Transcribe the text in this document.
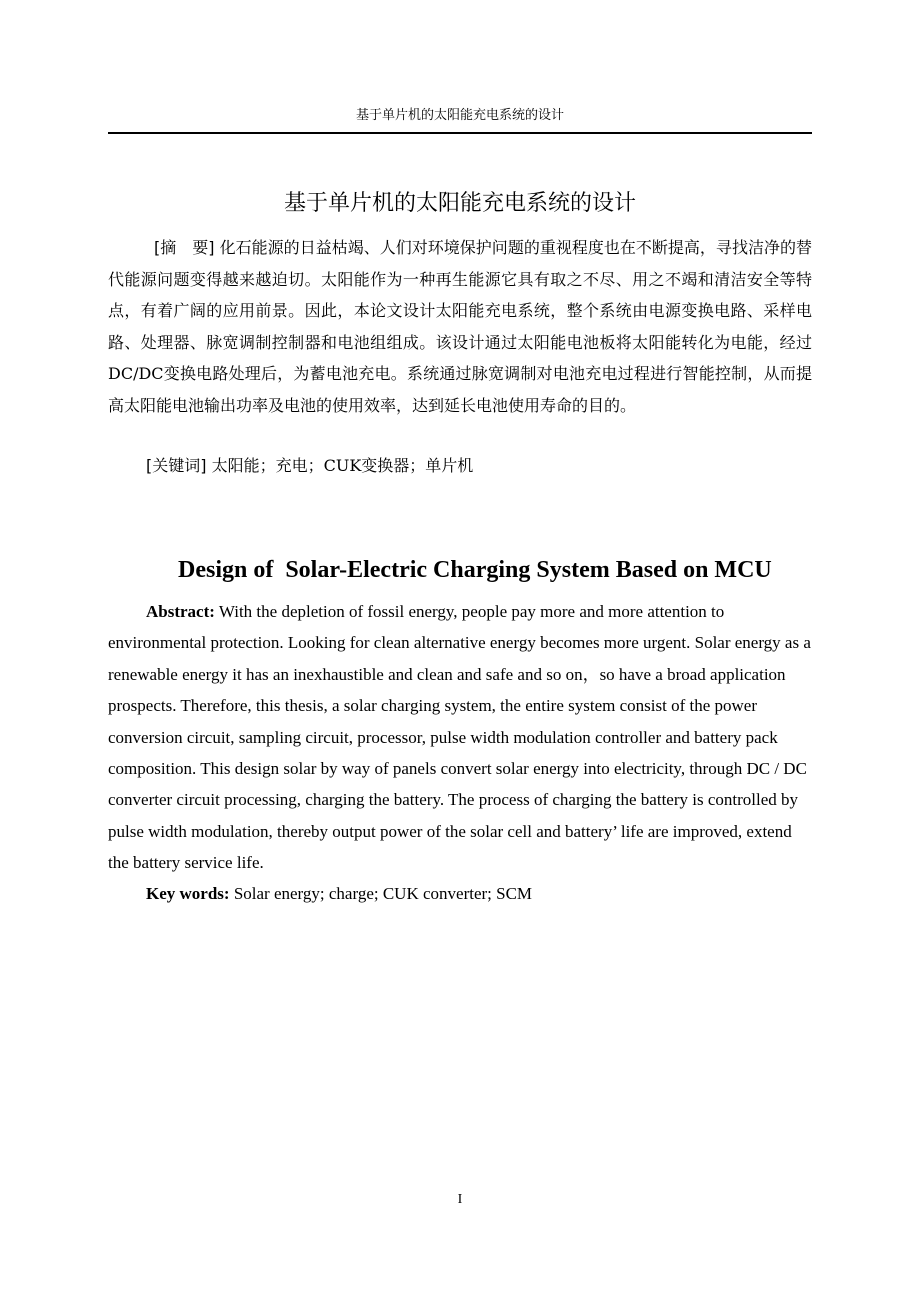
基于单片机的太阳能充电系统的设计
基于单片机的太阳能充电系统的设计

[摘　要] 化石能源的日益枯竭、人们对环境保护问题的重视程度也在不断提高，寻找洁净的替代能源问题变得越来越迫切。太阳能作为一种再生能源它具有取之不尽、用之不竭和清洁安全等特点，有着广阔的应用前景。因此，本论文设计太阳能充电系统，整个系统由电源变换电路、采样电路、处理器、脉宽调制控制器和电池组组成。该设计通过太阳能电池板将太阳能转化为电能，经过DC/DC变换电路处理后，为蓄电池充电。系统通过脉宽调制对电池充电过程进行智能控制，从而提高太阳能电池输出功率及电池的使用效率，达到延长电池使用寿命的目的。

[关键词] 太阳能；充电；CUK变换器；单片机

Design of  Solar-Electric Charging System Based on MCU

Abstract: With the depletion of fossil energy, people pay more and more attention to environmental protection. Looking for clean alternative energy becomes more urgent. Solar energy as a renewable energy it has an inexhaustible and clean and safe and so on，so have a broad application prospects. Therefore, this thesis, a solar charging system, the entire system consist of the power conversion circuit, sampling circuit, processor, pulse width modulation controller and battery pack composition. This design solar by way of panels convert solar energy into electricity, through DC / DC converter circuit processing, charging the battery. The process of charging the battery is controlled by pulse width modulation, thereby output power of the solar cell and battery’ life are improved, extend the battery service life.

Key words: Solar energy; charge; CUK converter; SCM

I
